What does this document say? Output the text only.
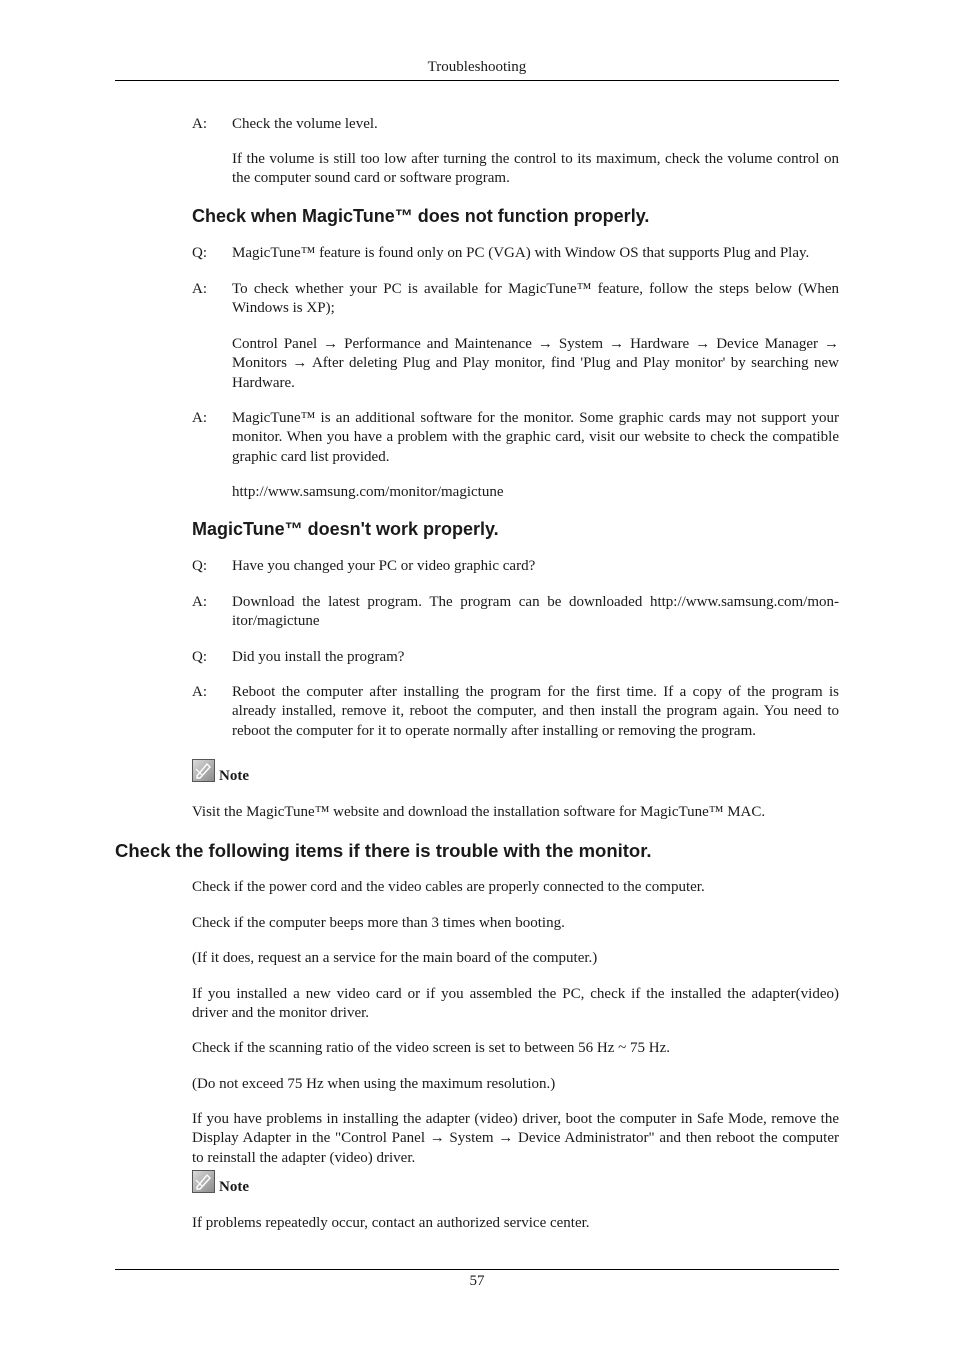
Troubleshooting
A: Check the volume level.
If the volume is still too low after turning the control to its maximum, check the volume control on the computer sound card or software program.
Check when MagicTune™ does not function properly.
Q: MagicTune™ feature is found only on PC (VGA) with Window OS that supports Plug and Play.
A: To check whether your PC is available for MagicTune™ feature, follow the steps below (When Windows is XP);
Control Panel → Performance and Maintenance → System → Hardware → Device Manager → Monitors → After deleting Plug and Play monitor, find 'Plug and Play monitor' by searching new Hardware.
A: MagicTune™ is an additional software for the monitor. Some graphic cards may not support your monitor. When you have a problem with the graphic card, visit our website to check the compatible graphic card list provided.
http://www.samsung.com/monitor/magictune
MagicTune™ doesn't work properly.
Q: Have you changed your PC or video graphic card?
A: Download the latest program. The program can be downloaded http://www.samsung.com/mon-itor/magictune
Q: Did you install the program?
A: Reboot the computer after installing the program for the first time. If a copy of the program is already installed, remove it, reboot the computer, and then install the program again. You need to reboot the computer for it to operate normally after installing or removing the program.
Note
Visit the MagicTune™ website and download the installation software for MagicTune™ MAC.
Check the following items if there is trouble with the monitor.
Check if the power cord and the video cables are properly connected to the computer.
Check if the computer beeps more than 3 times when booting.
(If it does, request an a service for the main board of the computer.)
If you installed a new video card or if you assembled the PC, check if the installed the adapter(video) driver and the monitor driver.
Check if the scanning ratio of the video screen is set to between 56 Hz ~ 75 Hz.
(Do not exceed 75 Hz when using the maximum resolution.)
If you have problems in installing the adapter (video) driver, boot the computer in Safe Mode, remove the Display Adapter in the "Control Panel → System → Device Administrator" and then reboot the computer to reinstall the adapter (video) driver.
Note
If problems repeatedly occur, contact an authorized service center.
57
